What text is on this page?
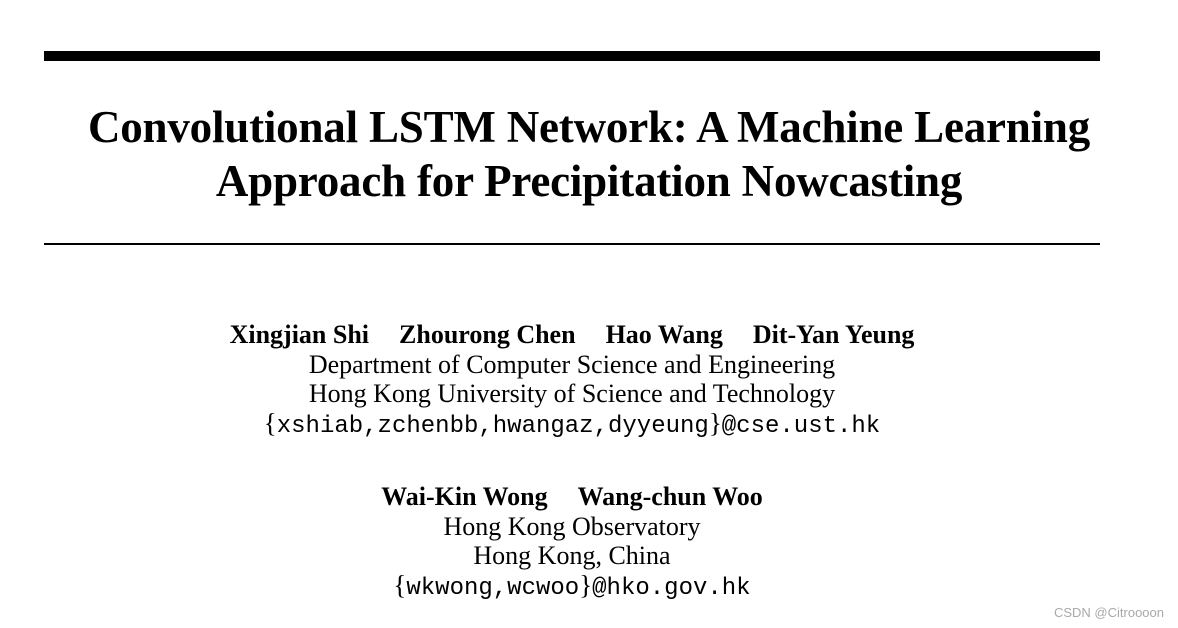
Convolutional LSTM Network: A Machine Learning
Approach for Precipitation Nowcasting
Xingjian Shi Zhourong Chen Hao Wang Dit-Yan Yeung
Department of Computer Science and Engineering
Hong Kong University of Science and Technology
{xshiab,zchenbb,hwangaz,dyyeung}@cse.ust.hk
Wai-Kin Wong Wang-chun Woo
Hong Kong Observatory
Hong Kong, China
{wkwong,wcwoo}@hko.gov.hk
CSDN @Citroooon
